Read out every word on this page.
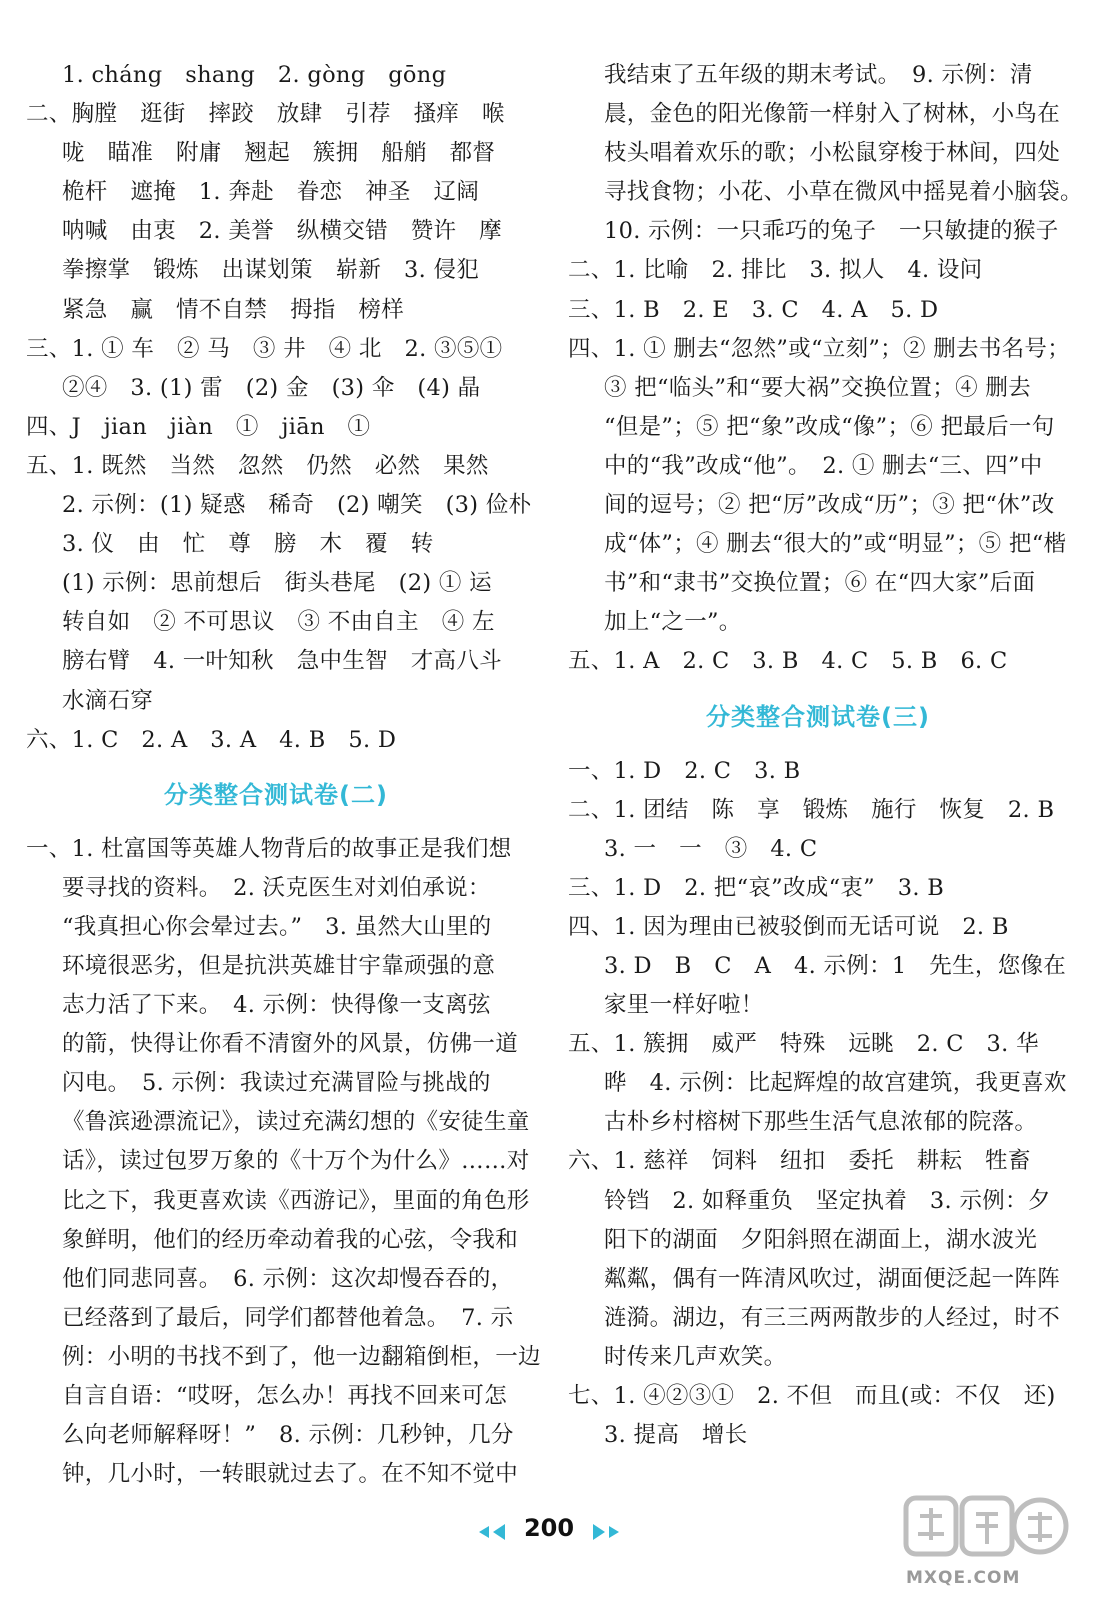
1. cháng　shang　2. gòng　gōng
二、胸膛　逛街　摔跤　放肆　引荐　搔痒　喉
咙　瞄准　附庸　翘起　簇拥　船艄　都督
桅杆　遮掩　1. 奔赴　眷恋　神圣　辽阔
呐喊　由衷　2. 美誉　纵横交错　赞许　摩
拳擦掌　锻炼　出谋划策　崭新　3. 侵犯
紧急　赢　情不自禁　拇指　榜样
三、1. ① 车　② 马　③ 井　④ 北　2. ③⑤①
②④　3. (1) 雷　(2) 金　(3) 伞　(4) 晶
四、J　jian　jiàn　①　jiān　①
五、1. 既然　当然　忽然　仍然　必然　果然
2. 示例：(1) 疑惑　稀奇　(2) 嘲笑　(3) 俭朴
3. 仪　由　忙　尊　膀　木　覆　转
(1) 示例：思前想后　街头巷尾　(2) ① 运
转自如　② 不可思议　③ 不由自主　④ 左
膀右臂　4. 一叶知秋　急中生智　才高八斗
水滴石穿
六、1. C　2. A　3. A　4. B　5. D
分类整合测试卷(二)
一、1. 杜富国等英雄人物背后的故事正是我们想
要寻找的资料。　2. 沃克医生对刘伯承说：
“我真担心你会晕过去。”　3. 虽然大山里的
环境很恶劣，但是抗洪英雄甘宇靠顽强的意
志力活了下来。　4. 示例：快得像一支离弦
的箭，快得让你看不清窗外的风景，仿佛一道
闪电。　5. 示例：我读过充满冒险与挑战的
《鲁滨逊漂流记》，读过充满幻想的《安徒生童
话》，读过包罗万象的《十万个为什么》……对
比之下，我更喜欢读《西游记》，里面的角色形
象鲜明，他们的经历牵动着我的心弦，令我和
他们同悲同喜。　6. 示例：这次却慢吞吞的，
已经落到了最后，同学们都替他着急。　7. 示
例：小明的书找不到了，他一边翻箱倒柜，一边
自言自语：“哎呀，怎么办！再找不回来可怎
么向老师解释呀！”　8. 示例：几秒钟，几分
钟，几小时，一转眼就过去了。在不知不觉中
我结束了五年级的期末考试。　9. 示例：清
晨，金色的阳光像箭一样射入了树林，小鸟在
枝头唱着欢乐的歌；小松鼠穿梭于林间，四处
寻找食物；小花、小草在微风中摇晃着小脑袋。
10. 示例：一只乖巧的兔子　一只敏捷的猴子
二、1. 比喻　2. 排比　3. 拟人　4. 设问
三、1. B　2. E　3. C　4. A　5. D
四、1. ① 删去“忽然”或“立刻”；② 删去书名号；
③ 把“临头”和“要大祸”交换位置；④ 删去
“但是”；⑤ 把“象”改成“像”；⑥ 把最后一句
中的“我”改成“他”。　2. ① 删去“三、四”中
间的逗号；② 把“厉”改成“历”；③ 把“休”改
成“体”；④ 删去“很大的”或“明显”；⑤ 把“楷
书”和“隶书”交换位置；⑥ 在“四大家”后面
加上“之一”。
五、1. A　2. C　3. B　4. C　5. B　6. C
分类整合测试卷(三)
一、1. D　2. C　3. B
二、1. 团结　陈　享　锻炼　施行　恢复　2. B
3. 一　一　③　4. C
三、1. D　2. 把“哀”改成“衷”　3. B
四、1. 因为理由已被驳倒而无话可说　2. B
3. D　B　C　A　4. 示例：1　先生，您像在
家里一样好啦！
五、1. 簇拥　威严　特殊　远眺　2. C　3. 华
晔　4. 示例：比起辉煌的故宫建筑，我更喜欢
古朴乡村榕树下那些生活气息浓郁的院落。
六、1. 慈祥　饲料　纽扣　委托　耕耘　牲畜
铃铛　2. 如释重负　坚定执着　3. 示例：夕
阳下的湖面　夕阳斜照在湖面上，湖水波光
粼粼，偶有一阵清风吹过，湖面便泛起一阵阵
涟漪。湖边，有三三两两散步的人经过，时不
时传来几声欢笑。
七、1. ④②③①　2. 不但　而且(或：不仅　还)
3. 提高　增长
200
MXQE.COM
